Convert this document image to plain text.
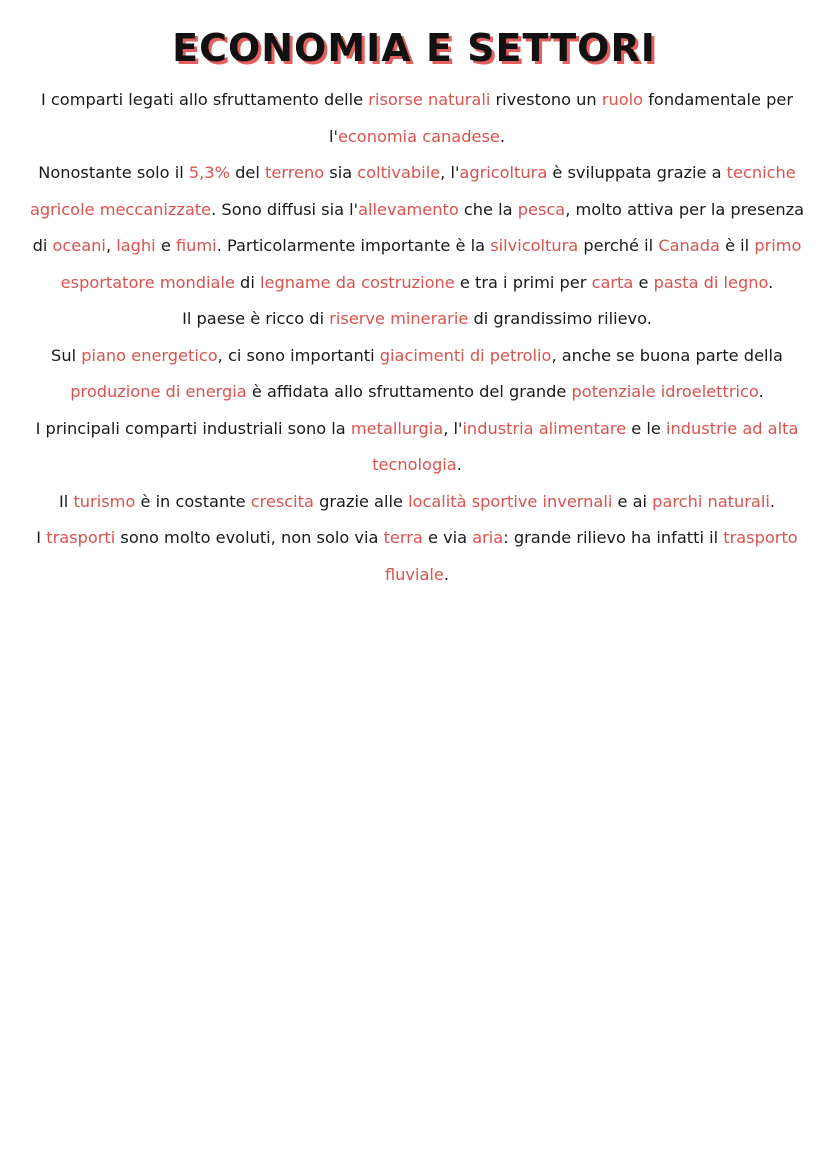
ECONOMIA E SETTORI

I comparti legati allo sfruttamento delle risorse naturali rivestono un ruolo fondamentale per l'economia canadese.

Nonostante solo il 5,3% del terreno sia coltivabile, l'agricoltura è sviluppata grazie a tecniche agricole meccanizzate. Sono diffusi sia l'allevamento che la pesca, molto attiva per la presenza di oceani, laghi e fiumi. Particolarmente importante è la silvicoltura perché il Canada è il primo esportatore mondiale di legname da costruzione e tra i primi per carta e pasta di legno.

Il paese è ricco di riserve minerarie di grandissimo rilievo.

Sul piano energetico, ci sono importanti giacimenti di petrolio, anche se buona parte della produzione di energia è affidata allo sfruttamento del grande potenziale idroelettrico.

I principali comparti industriali sono la metallurgia, l'industria alimentare e le industrie ad alta tecnologia.

Il turismo è in costante crescita grazie alle località sportive invernali e ai parchi naturali.

I trasporti sono molto evoluti, non solo via terra e via aria: grande rilievo ha infatti il trasporto fluviale.
